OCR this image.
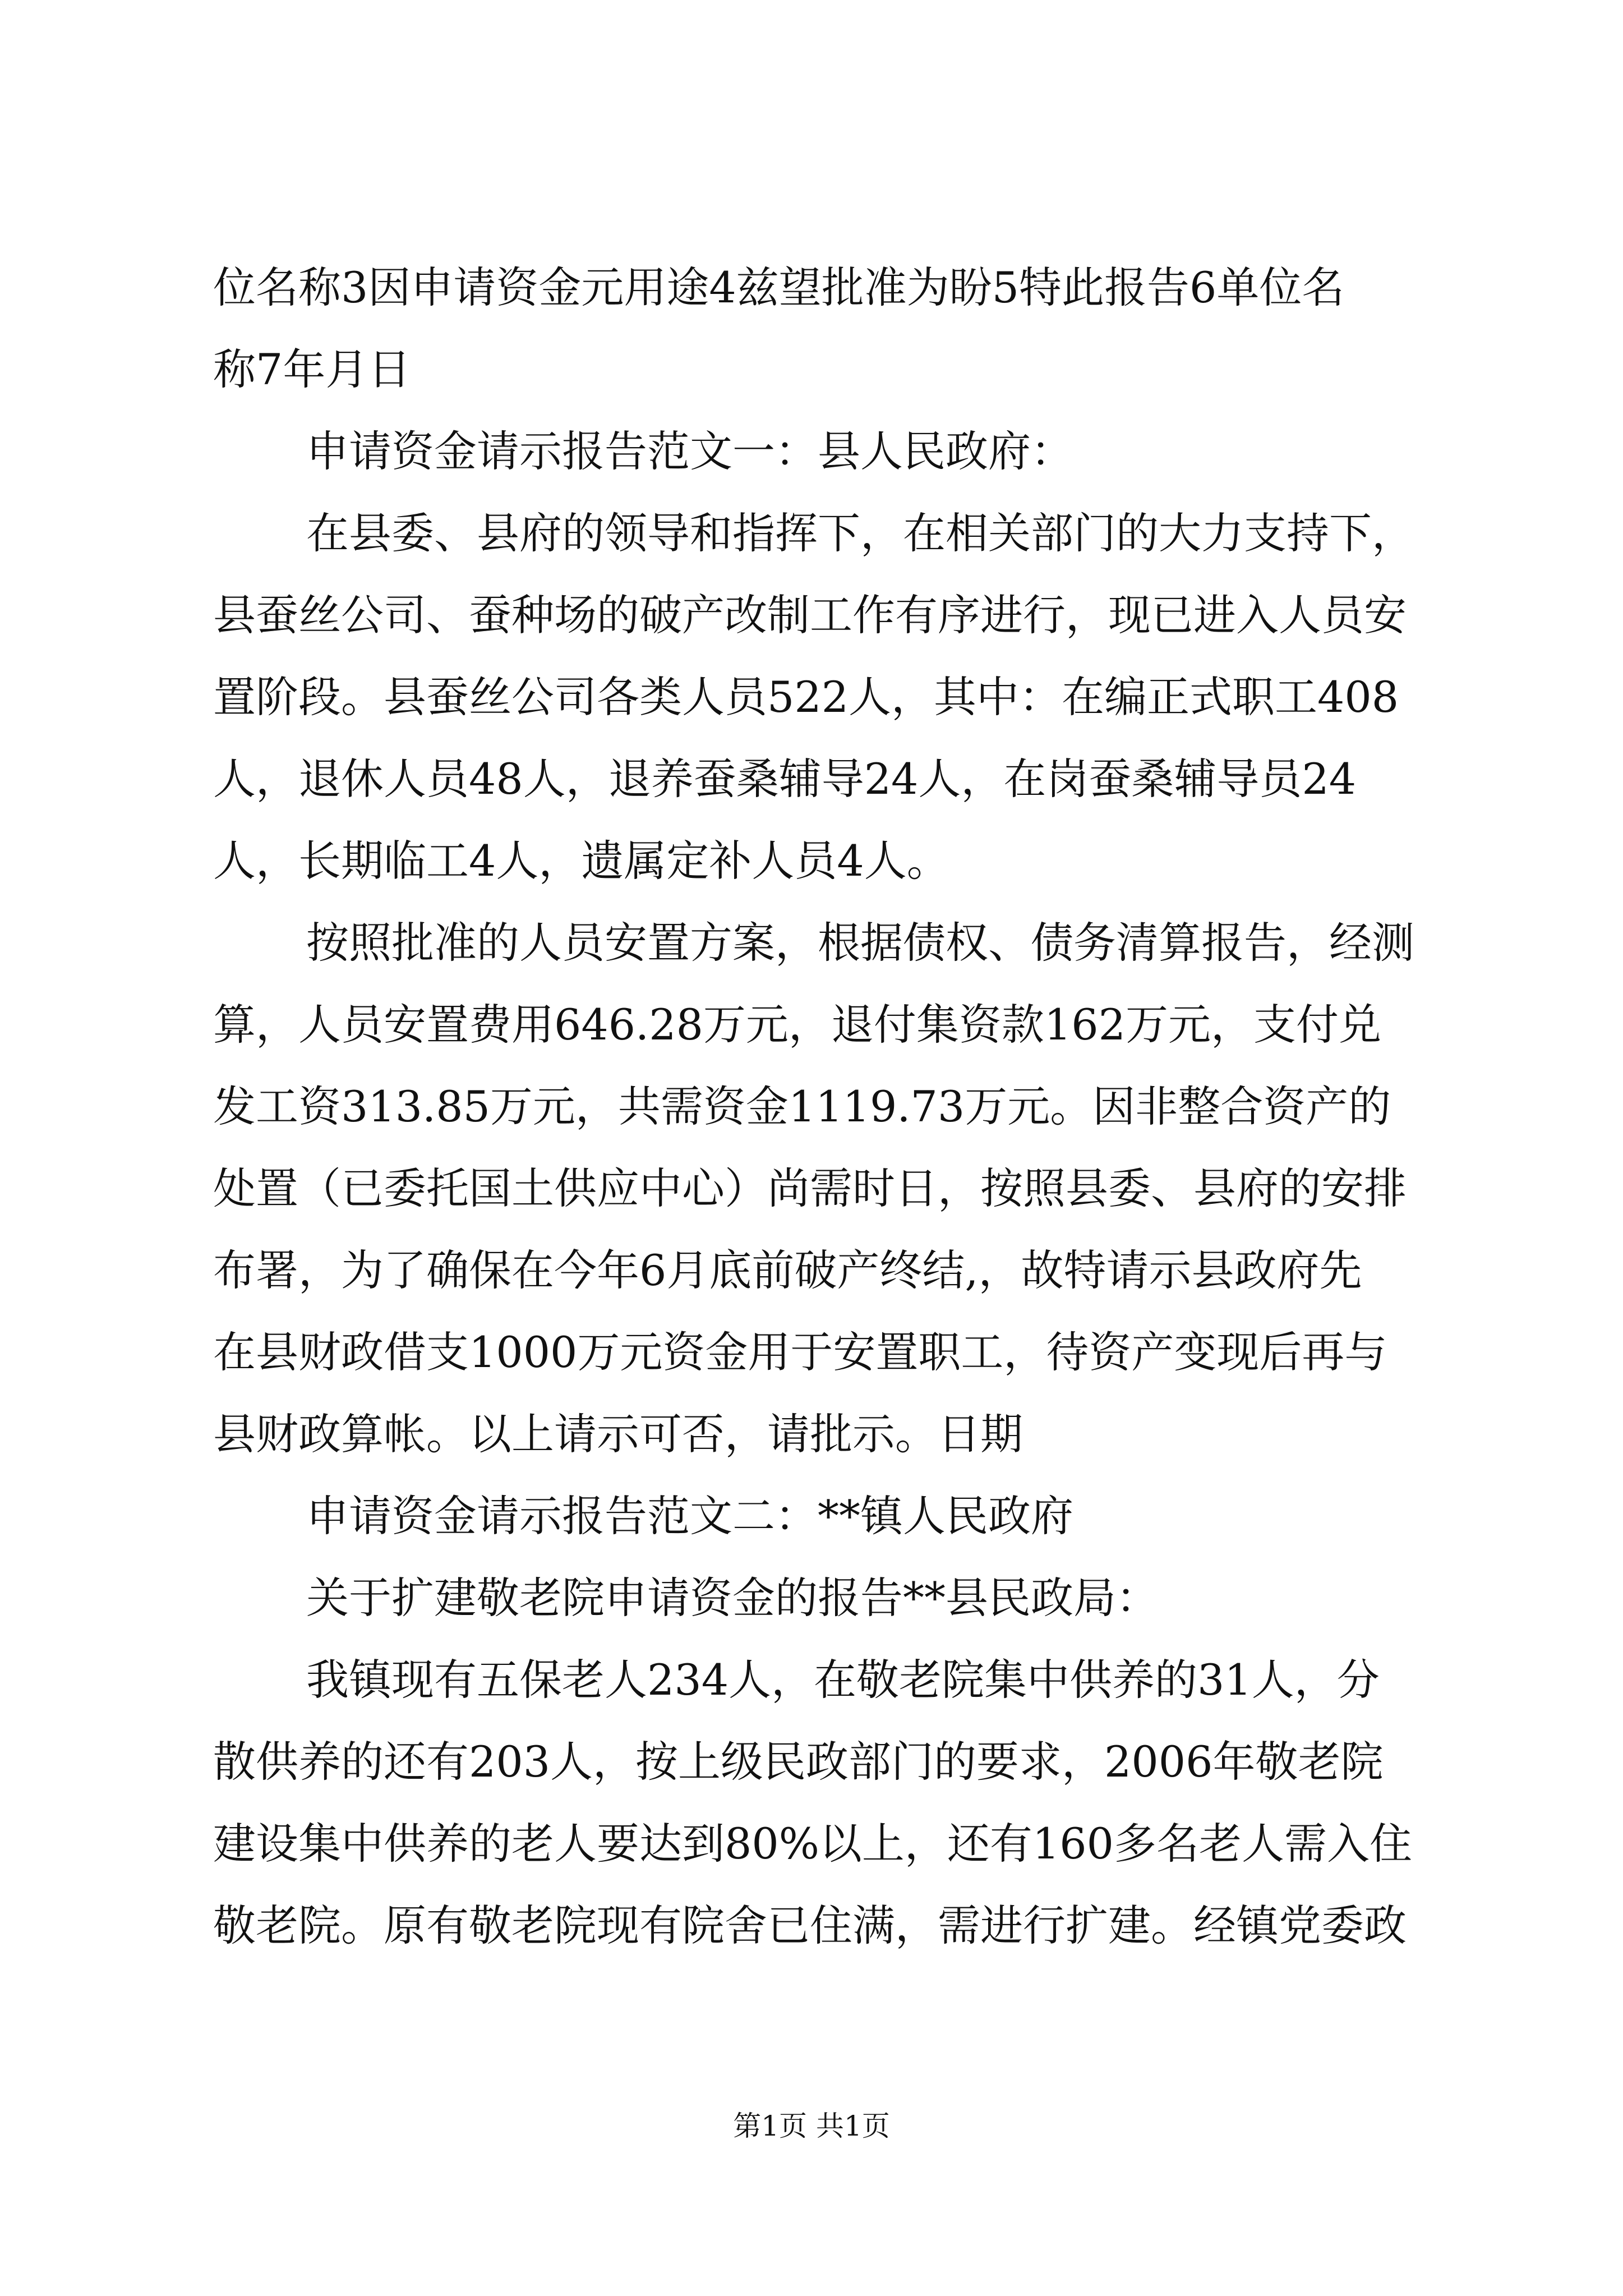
位名称3因申请资金元用途4兹望批准为盼5特此报告6单位名
称7年月日
申请资金请示报告范文一：县人民政府：
在县委、县府的领导和指挥下，在相关部门的大力支持下，
县蚕丝公司、蚕种场的破产改制工作有序进行，现已进入人员安
置阶段。县蚕丝公司各类人员522人，其中：在编正式职工408
人，退休人员48人，退养蚕桑辅导24人，在岗蚕桑辅导员24
人，长期临工4人，遗属定补人员4人。
按照批准的人员安置方案，根据债权、债务清算报告，经测
算，人员安置费用646.28万元，退付集资款162万元，支付兑
发工资313.85万元，共需资金1119.73万元。因非整合资产的
处置（已委托国土供应中心）尚需时日，按照县委、县府的安排
布署，为了确保在今年6月底前破产终结,，故特请示县政府先
在县财政借支1000万元资金用于安置职工，待资产变现后再与
县财政算帐。以上请示可否，请批示。日期
申请资金请示报告范文二：**镇人民政府
关于扩建敬老院申请资金的报告**县民政局：
我镇现有五保老人234人，在敬老院集中供养的31人，分
散供养的还有203人，按上级民政部门的要求，2006年敬老院
建设集中供养的老人要达到80%以上，还有160多名老人需入住
敬老院。原有敬老院现有院舍已住满，需进行扩建。经镇党委政
第1页 共1页
